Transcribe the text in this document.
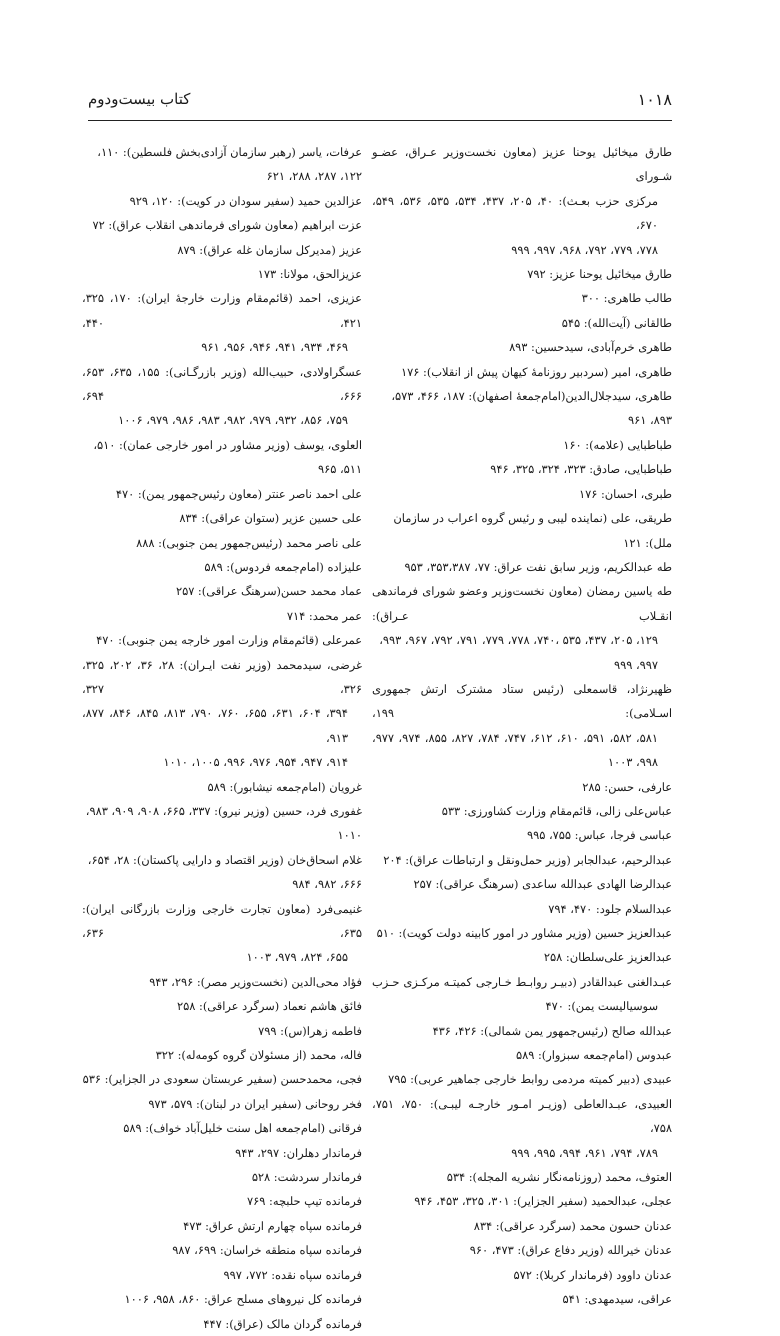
۱۰۱۸
کتاب بیست‌ودوم
طارق میخائیل یوحنا عزیز (معاون نخست‌وزیر عـراق، عضـو شـورای
مرکزی حزب بعـث): ۴۰، ۲۰۵، ۴۳۷، ۵۳۴، ۵۳۵، ۵۳۶، ۵۴۹، ۶۷۰،
۷۷۸، ۷۷۹، ۷۹۲، ۹۶۸، ۹۹۷، ۹۹۹
طارق میخائیل یوحنا عزیز: ۷۹۲
طالب طاهری: ۳۰۰
طالقانی (آیت‌الله): ۵۴۵
طاهری خرم‌آبادی، سیدحسین: ۸۹۳
طاهری، امیر (سردبیر روزنامهٔ کیهان پیش از انقلاب): ۱۷۶
طاهری، سیدجلال‌الدین(امام‌جمعهٔ اصفهان): ۱۸۷، ۴۶۶، ۵۷۳، ۸۹۳، ۹۶۱
طباطبایی (علامه): ۱۶۰
طباطبایی، صادق: ۳۲۳، ۳۲۴، ۳۲۵، ۹۴۶
طبری، احسان: ۱۷۶
طریقی، علی (نماینده لیبی و رئیس گروه اعراب در سازمان ملل): ۱۲۱
طه عبدالکریم، وزیر سابق نفت عراق: ۷۷، ۳۵۳،۳۸۷، ۹۵۳
طه یاسین رمضان (معاون نخست‌وزیر وعضو شورای فرماندهی انقـلاب عـراق):
۱۲۹، ۲۰۵، ۴۳۷، ۵۳۵ ،۷۴۰، ۷۷۸، ۷۷۹، ۷۹۱، ۷۹۲، ۹۶۷، ۹۹۳، ۹۹۷، ۹۹۹
ظهیرنژاد، قاسمعلی (رئیس ستاد مشترک ارتش جمهوری اسـلامی): ۱۹۹،
۵۸۱، ۵۸۲، ۵۹۱، ۶۱۰، ۶۱۲، ۷۴۷، ۷۸۴، ۸۲۷، ۸۵۵، ۹۷۴، ۹۷۷،
۹۹۸، ۱۰۰۳
عارفی، حسن: ۲۸۵
عباس‌علی زالی، قائم‌مقام وزارت کشاورزی: ۵۳۳
عباسی فرجا، عباس: ۷۵۵، ۹۹۵
عبدالرحیم، عبدالجابر (وزیر حمل‌ونقل و ارتباطات عراق): ۲۰۴
عبدالرضا الهادی عبدالله ساعدی (سرهنگ عراقی): ۲۵۷
عبدالسلام جلود: ۴۷۰، ۷۹۴
عبدالعزیز حسین (وزیر مشاور در امور کابینه دولت کویت): ۵۱۰
عبدالعزیز علی‌سلطان: ۲۵۸
عبـدالغنی عبدالقادر (دبیـر روابـط خـارجی کمیتـه مرکـزی حـزب
سوسیالیست یمن): ۴۷۰
عبدالله صالح (رئیس‌جمهور یمن شمالی): ۴۲۶، ۴۳۶
عبدوس (امام‌جمعه سبزوار): ۵۸۹
عبیدی (دبیر کمیته مردمی روابط خارجی جماهیر عربی): ۷۹۵
العبیدی، عبـدالعاطی (وزیـر امـور خارجـه لیبـی): ۷۵۰، ۷۵۱، ۷۵۸،
۷۸۹، ۷۹۴، ۹۶۱، ۹۹۴، ۹۹۵، ۹۹۹
العتوف، محمد (روزنامه‌نگار نشریه المجله): ۵۳۴
عجلی، عبدالحمید (سفیر الجزایر): ۳۰۱، ۳۲۵، ۴۵۳، ۹۴۶
عدنان حسون محمد (سرگرد عراقی): ۸۳۴
عدنان خیرالله (وزیر دفاع عراق): ۴۷۳، ۹۶۰
عدنان داوود (فرماندار کربلا): ۵۷۲
عراقی، سیدمهدی: ۵۴۱
عرفات، یاسر (رهبر سازمان آزادی‌بخش فلسطین): ۱۱۰، ۱۲۲، ۲۸۷، ۲۸۸، ۶۲۱
عزالدین حمید (سفیر سودان در کویت): ۱۲۰، ۹۲۹
عزت ابراهیم (معاون شورای فرماندهی انقلاب عراق): ۷۲
عزیز (مدیرکل سازمان غله عراق): ۸۷۹
عزیزالحق، مولانا: ۱۷۳
عزیزی، احمد (قائم‌مقام وزارت خارجهٔ ایران): ۱۷۰، ۳۲۵، ۴۲۱، ۴۴۰،
۴۶۹، ۹۳۴، ۹۴۱، ۹۴۶، ۹۵۶، ۹۶۱
عسگراولادی، حبیب‌الله (وزیر بازرگـانی): ۱۵۵، ۶۳۵، ۶۵۳، ۶۶۶، ۶۹۴،
۷۵۹، ۸۵۶، ۹۳۲، ۹۷۹، ۹۸۲، ۹۸۳، ۹۸۶، ۹۷۹، ۱۰۰۶
العلوی، یوسف (وزیر مشاور در امور خارجی عمان): ۵۱۰، ۵۱۱، ۹۶۵
علی احمد ناصر عنتر (معاون رئیس‌جمهور یمن): ۴۷۰
علی حسین عزیر (ستوان عراقی): ۸۳۴
علی ناصر محمد (رئیس‌جمهور یمن جنوبی): ۸۸۸
علیزاده (امام‌جمعه فردوس): ۵۸۹
عماد محمد حسن(سرهنگ عراقی): ۲۵۷
عمر محمد: ۷۱۴
عمرعلی (قائم‌مقام وزارت امور خارجه یمن جنوبی): ۴۷۰
غرضی، سیدمحمد (وزیر نفت ایـران): ۲۸، ۳۶، ۲۰۲، ۳۲۵، ۳۲۶، ۳۲۷،
۳۹۴، ۶۰۴، ۶۳۱، ۶۵۵، ۷۶۰، ۷۹۰، ۸۱۳، ۸۴۵، ۸۴۶، ۸۷۷، ۹۱۳،
۹۱۴، ۹۴۷، ۹۵۴، ۹۷۶، ۹۹۶، ۱۰۰۵، ۱۰۱۰
غرویان (امام‌جمعه نیشابور): ۵۸۹
غفوری فرد، حسین (وزیر نیرو): ۳۳۷، ۶۶۵، ۹۰۸، ۹۰۹، ۹۸۳، ۱۰۱۰
غلام اسحاق‌خان (وزیر اقتصاد و دارایی پاکستان): ۲۸، ۶۵۴، ۶۶۶، ۹۸۲، ۹۸۴
غنیمی‌فرد (معاون تجارت خارجی وزارت بازرگانی ایران): ۶۳۵، ۶۳۶،
۶۵۵، ۸۲۴، ۹۷۹، ۱۰۰۳
فؤاد محی‌الدین (نخست‌وزیر مصر): ۲۹۶، ۹۴۳
فائق هاشم نعماد (سرگرد عراقی): ۲۵۸
فاطمه زهرا(س): ۷۹۹
فاله، محمد (از مسئولان گروه کومه‌له): ۳۲۲
فجی، محمدحسن (سفیر عربستان سعودی در الجزایر): ۵۳۶
فخر روحانی (سفیر ایران در لبنان): ۵۷۹، ۹۷۳
فرقانی (امام‌جمعه اهل سنت خلیل‌آباد خواف): ۵۸۹
فرماندار دهلران: ۲۹۷، ۹۴۳
فرماندار سردشت: ۵۲۸
فرمانده تیپ حلبچه: ۷۶۹
فرمانده سپاه چهارم ارتش عراق: ۴۷۳
فرمانده سپاه منطقه خراسان: ۶۹۹، ۹۸۷
فرمانده سپاه نقده: ۷۷۲، ۹۹۷
فرمانده کل نیروهای مسلح عراق: ۸۶۰، ۹۵۸، ۱۰۰۶
فرمانده گردان مالک (عراق): ۴۴۷
